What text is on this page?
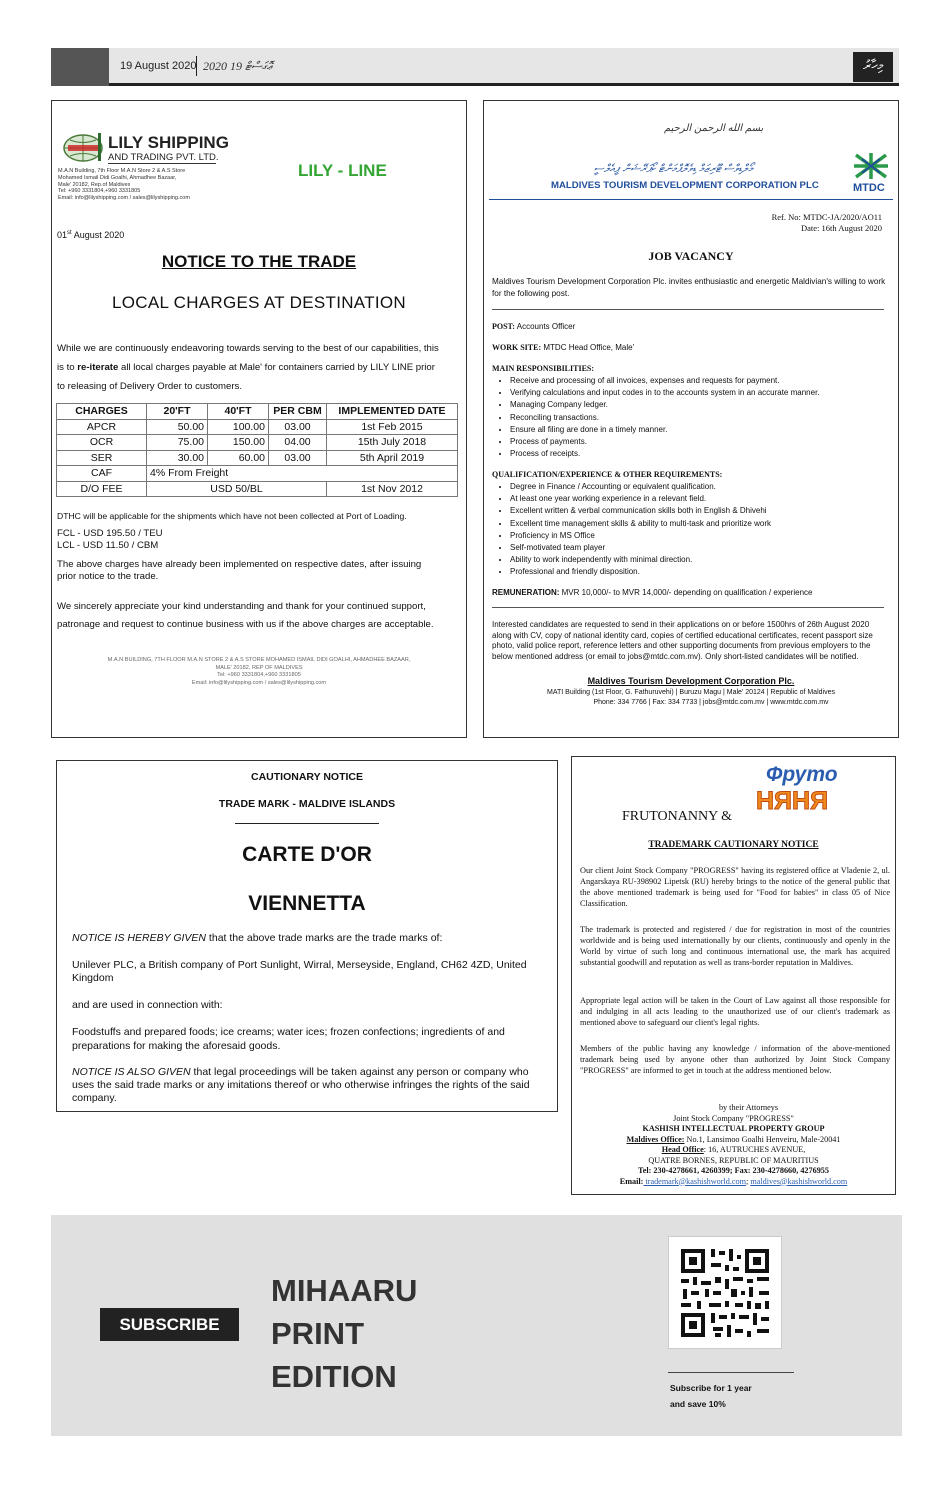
19 August 2020 2020 ޢޮގަސްޓް 19	މިހާރު
LILY SHIPPING
AND TRADING PVT. LTD.
M.A.N Building, 7th Floor M.A.N Store 2 & A.S Store
Mohamed Ismail Didi Goalhi, Ahmadhee Bazaar,
Male' 20182, Rep.of Maldives
Tel: +960 3331804,+960 3331805
Email: info@lilyshipping.com / sales@lilyshipping.com
LILY - LINE
01st August 2020
NOTICE TO THE TRADE
LOCAL CHARGES AT DESTINATION
While we are continuously endeavoring towards serving to the best of our capabilities, this
is to re-iterate all local charges payable at Male' for containers carried by LILY LINE prior
to releasing of Delivery Order to customers.
CHARGES	20'FT	40'FT	PER CBM	IMPLEMENTED DATE
APCR	50.00	100.00	03.00	1st Feb 2015
OCR	75.00	150.00	04.00	15th July 2018
SER	30.00	60.00	03.00	5th April 2019
CAF	4% From Freight			
D/O FEE	USD 50/BL			1st Nov 2012
DTHC will be applicable for the shipments which have not been collected at Port of Loading.
FCL - USD 195.50 / TEU
LCL - USD 11.50 / CBM
The above charges have already been implemented on respective dates, after issuing
prior notice to the trade.
We sincerely appreciate your kind understanding and thank for your continued support,
patronage and request to continue business with us if the above charges are acceptable.
M.A.N BUILDING, 7TH FLOOR M.A.N STORE 2 & A.S STORE MOHAMED ISMAIL DIDI GOALHI, AHMADHEE BAZAAR,
MALE' 20182, REP OF MALDIVES
Tel: +960 3331804,+960 3331805
Email: info@lilyshipping.com / sales@lilyshipping.com
بسم الله الرحمن الرحيم
މޯލްޑިވްސް ޓޫރިޒަމް ޑިވެލޮޕްމަންޓް ކޯޕަރޭޝަން ޕީއެލްސީ
MALDIVES TOURISM DEVELOPMENT CORPORATION PLC	MTDC
Ref. No: MTDC-JA/2020/AO11
Date: 16th August 2020
JOB VACANCY
Maldives Tourism Development Corporation Plc. invites enthusiastic and energetic Maldivian's willing to work for the following post.
POST: Accounts Officer
WORK SITE: MTDC Head Office, Male'
MAIN RESPONSIBILITIES:
• Receive and processing of all invoices, expenses and requests for payment.
• Verifying calculations and input codes in to the accounts system in an accurate manner.
• Managing Company ledger.
• Reconciling transactions.
• Ensure all filing are done in a timely manner.
• Process of payments.
• Process of receipts.
QUALIFICATION/EXPERIENCE & OTHER REQUIREMENTS:
• Degree in Finance / Accounting or equivalent qualification.
• At least one year working experience in a relevant field.
• Excellent written & verbal communication skills both in English & Dhivehi
• Excellent time management skills & ability to multi-task and prioritize work
• Proficiency in MS Office
• Self-motivated team player
• Ability to work independently with minimal direction.
• Professional and friendly disposition.
REMUNERATION: MVR 10,000/- to MVR 14,000/- depending on qualification / experience
Interested candidates are requested to send in their applications on or before 1500hrs of 26th August 2020 along with CV, copy of national identity card, copies of certified educational certificates, recent passport size photo, valid police report, reference letters and other supporting documents from previous employers to the below mentioned address (or email to jobs@mtdc.com.mv). Only short-listed candidates will be notified.
Maldives Tourism Development Corporation Plc.
MATI Building (1st Floor, G. Fathuruvehi) | Buruzu Magu | Male' 20124 | Republic of Maldives
Phone: 334 7766 | Fax: 334 7733 | jobs@mtdc.com.mv | www.mtdc.com.mv
CAUTIONARY NOTICE
TRADE MARK - MALDIVE ISLANDS
CARTE D'OR
VIENNETTA
NOTICE IS HEREBY GIVEN that the above trade marks are the trade marks of:
Unilever PLC, a British company of Port Sunlight, Wirral, Merseyside, England, CH62 4ZD, United Kingdom
and are used in connection with:
Foodstuffs and prepared foods; ice creams; water ices; frozen confections; ingredients of and preparations for making the aforesaid goods.
NOTICE IS ALSO GIVEN that legal proceedings will be taken against any person or company who uses the said trade marks or any imitations thereof or who otherwise infringes the rights of the said company.
Фруто
НЯНЯ
FRUTONANNY &
TRADEMARK CAUTIONARY NOTICE
Our client Joint Stock Company "PROGRESS" having its registered office at Vladenie 2, ul. Angarskaya RU-398902 Lipetsk (RU) hereby brings to the notice of the general public that the above mentioned trademark is being used for "Food for babies" in class 05 of Nice Classification.
The trademark is protected and registered / due for registration in most of the countries worldwide and is being used internationally by our clients, continuously and openly in the World by virtue of such long and continuous international use, the mark has acquired substantial goodwill and reputation as well as trans-border reputation in Maldives.
Appropriate legal action will be taken in the Court of Law against all those responsible for and indulging in all acts leading to the unauthorized use of our client's trademark as mentioned above to safeguard our client's legal rights.
Members of the public having any knowledge / information of the above-mentioned trademark being used by anyone other than authorized by Joint Stock Company "PROGRESS" are informed to get in touch at the address mentioned below.
by their Attorneys
Joint Stock Company "PROGRESS"
KASHISH INTELLECTUAL PROPERTY GROUP
Maldives Office: No.1, Lansimoo Goalhi Henveiru, Male-20041
Head Office: 16, AUTRUCHES AVENUE,
QUATRE BORNES, REPUBLIC OF MAURITIUS
Tel: 230-4278661, 4260399; Fax: 230-4278660, 4276955
Email: trademark@kashishworld.com; maldives@kashishworld.com
SUBSCRIBE
MIHAARU
PRINT
EDITION	Subscribe for 1 year
and save 10%
